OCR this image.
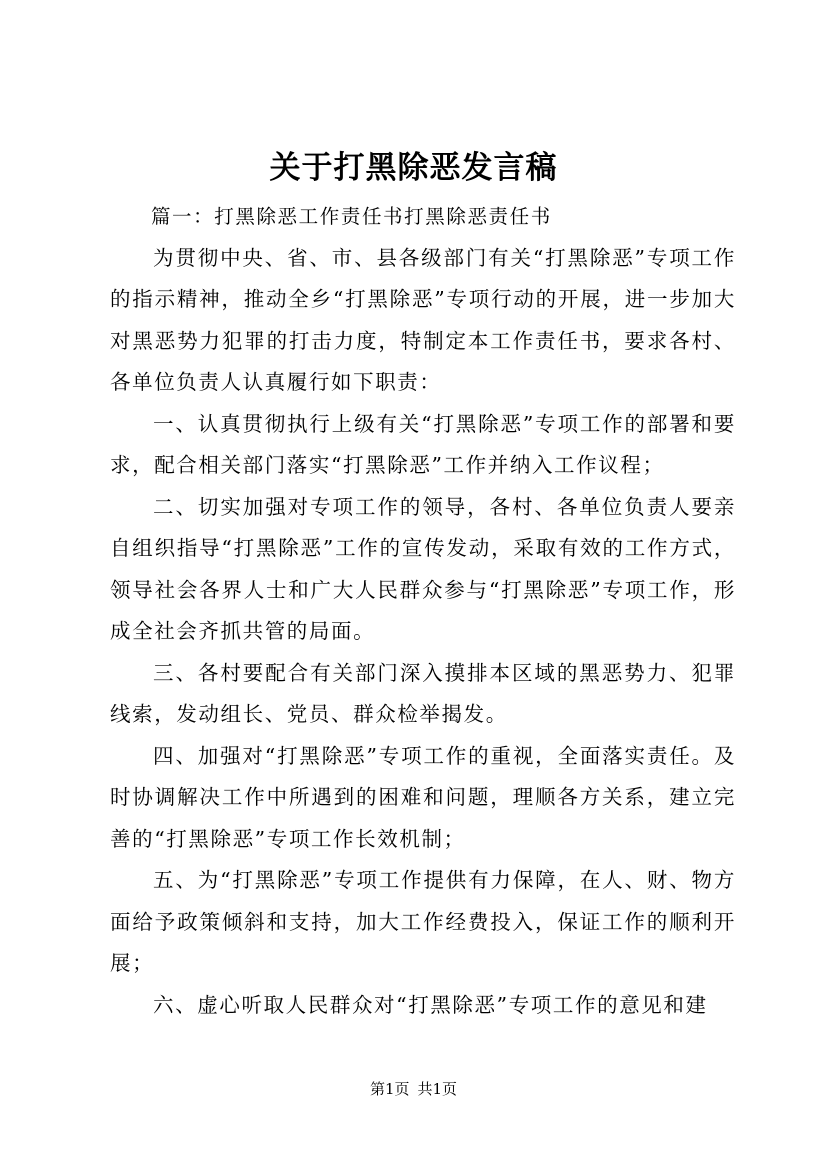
关于打黑除恶发言稿

篇一：打黑除恶工作责任书打黑除恶责任书

为贯彻中央、省、市、县各级部门有关“打黑除恶”专项工作的指示精神，推动全乡“打黑除恶”专项行动的开展，进一步加大对黑恶势力犯罪的打击力度，特制定本工作责任书，要求各村、各单位负责人认真履行如下职责：

一、认真贯彻执行上级有关“打黑除恶”专项工作的部署和要求，配合相关部门落实“打黑除恶”工作并纳入工作议程；

二、切实加强对专项工作的领导，各村、各单位负责人要亲自组织指导“打黑除恶”工作的宣传发动，采取有效的工作方式，领导社会各界人士和广大人民群众参与“打黑除恶”专项工作，形成全社会齐抓共管的局面。

三、各村要配合有关部门深入摸排本区域的黑恶势力、犯罪线索，发动组长、党员、群众检举揭发。

四、加强对“打黑除恶”专项工作的重视，全面落实责任。及时协调解决工作中所遇到的困难和问题，理顺各方关系，建立完善的“打黑除恶”专项工作长效机制；

五、为“打黑除恶”专项工作提供有力保障，在人、财、物方面给予政策倾斜和支持，加大工作经费投入，保证工作的顺利开展；

六、虚心听取人民群众对“打黑除恶”专项工作的意见和建

第1页 共1页
